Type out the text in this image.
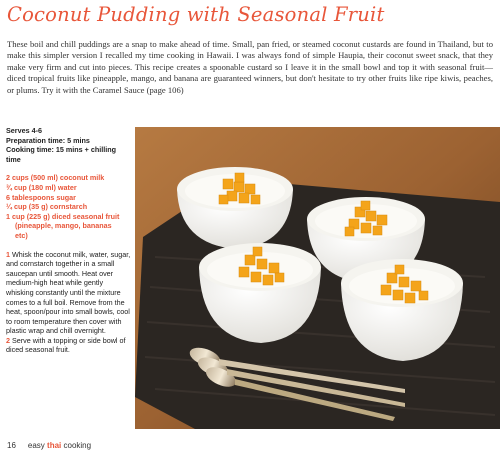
Coconut Pudding with Seasonal Fruit
These boil and chill puddings are a snap to make ahead of time. Small, pan fried, or steamed coconut custards are found in Thailand, but to make this simpler version I recalled my time cooking in Hawaii. I was always fond of simple Haupia, their coconut sweet snack, that they make very firm and cut into pieces. This recipe creates a spoonable custard so I leave it in the small bowl and top it with seasonal fruit—diced tropical fruits like pineapple, mango, and banana are guaranteed winners, but don't hesitate to try other fruits like ripe kiwis, peaches, or plums. Try it with the Caramel Sauce (page 106)
Serves 4-6
Preparation time: 5 mins
Cooking time: 15 mins + chilling time
2 cups (500 ml) coconut milk
¾ cup (180 ml) water
6 tablespoons sugar
¼ cup (35 g) cornstarch
1 cup (225 g) diced seasonal fruit
(pineapple, mango, bananas
etc)
1 Whisk the coconut milk, water, sugar, and cornstarch together in a small saucepan until smooth. Heat over medium-high heat while gently whisking constantly until the mixture comes to a full boil. Remove from the heat, spoon/pour into small bowls, cool to room temperature then cover with plastic wrap and chill overnight.
2 Serve with a topping or side bowl of diced seasonal fruit.
16 easy thai cooking
